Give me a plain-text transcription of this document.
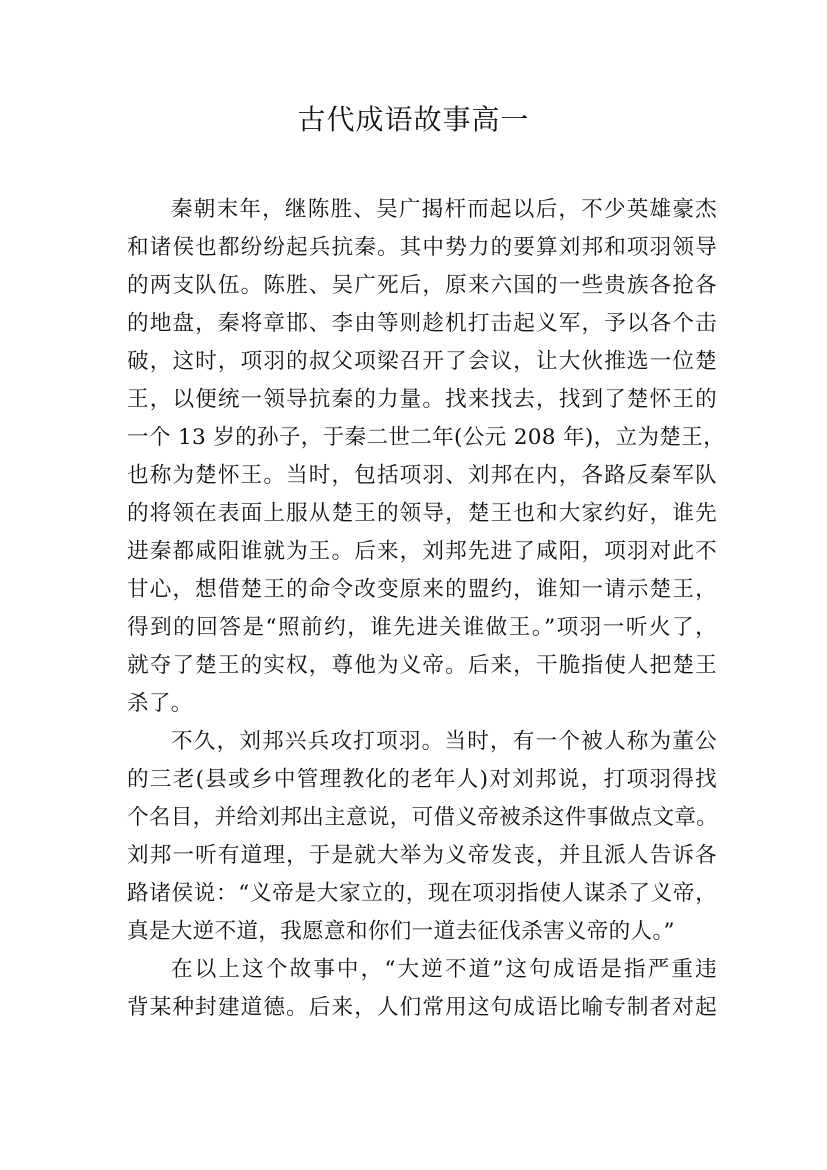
古代成语故事高一

秦朝末年，继陈胜、吴广揭杆而起以后，不少英雄豪杰

和诸侯也都纷纷起兵抗秦。其中势力的要算刘邦和项羽领导

的两支队伍。陈胜、吴广死后，原来六国的一些贵族各抢各

的地盘，秦将章邯、李由等则趁机打击起义军，予以各个击

破，这时，项羽的叔父项梁召开了会议，让大伙推选一位楚

王，以便统一领导抗秦的力量。找来找去，找到了楚怀王的

一个 13 岁的孙子，于秦二世二年(公元 208 年)，立为楚王，

也称为楚怀王。当时，包括项羽、刘邦在内，各路反秦军队

的将领在表面上服从楚王的领导，楚王也和大家约好，谁先

进秦都咸阳谁就为王。后来，刘邦先进了咸阳，项羽对此不

甘心，想借楚王的命令改变原来的盟约，谁知一请示楚王，

得到的回答是“照前约，谁先进关谁做王。”项羽一听火了，

就夺了楚王的实权，尊他为义帝。后来，干脆指使人把楚王

杀了。

不久，刘邦兴兵攻打项羽。当时，有一个被人称为董公

的三老(县或乡中管理教化的老年人)对刘邦说，打项羽得找

个名目，并给刘邦出主意说，可借义帝被杀这件事做点文章。

刘邦一听有道理，于是就大举为义帝发丧，并且派人告诉各

路诸侯说：“义帝是大家立的，现在项羽指使人谋杀了义帝，

真是大逆不道，我愿意和你们一道去征伐杀害义帝的人。”

在以上这个故事中，“大逆不道”这句成语是指严重违

背某种封建道德。后来，人们常用这句成语比喻专制者对起
